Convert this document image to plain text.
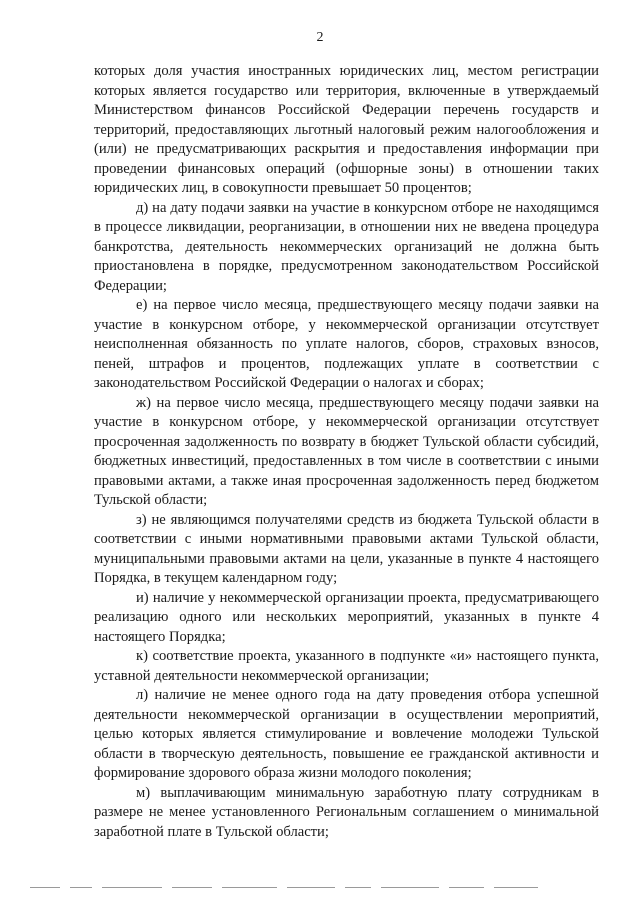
2

которых доля участия иностранных юридических лиц, местом регистрации которых является государство или территория, включенные в утверждаемый Министерством финансов Российской Федерации перечень государств и территорий, предоставляющих льготный налоговый режим налогообложения и (или) не предусматривающих раскрытия и предоставления информации при проведении финансовых операций (офшорные зоны) в отношении таких юридических лиц, в совокупности превышает 50 процентов;

д) на дату подачи заявки на участие в конкурсном отборе не находящимся в процессе ликвидации, реорганизации, в отношении них не введена процедура банкротства, деятельность некоммерческих организаций не должна быть приостановлена в порядке, предусмотренном законодательством Российской Федерации;

е) на первое число месяца, предшествующего месяцу подачи заявки на участие в конкурсном отборе, у некоммерческой организации отсутствует неисполненная обязанность по уплате налогов, сборов, страховых взносов, пеней, штрафов и процентов, подлежащих уплате в соответствии с законодательством Российской Федерации о налогах и сборах;

ж) на первое число месяца, предшествующего месяцу подачи заявки на участие в конкурсном отборе, у некоммерческой организации отсутствует просроченная задолженность по возврату в бюджет Тульской области субсидий, бюджетных инвестиций, предоставленных в том числе в соответствии с иными правовыми актами, а также иная просроченная задолженность перед бюджетом Тульской области;

з) не являющимся получателями средств из бюджета Тульской области в соответствии с иными нормативными правовыми актами Тульской области, муниципальными правовыми актами на цели, указанные в пункте 4 настоящего Порядка, в текущем календарном году;

и) наличие у некоммерческой организации проекта, предусматривающего реализацию одного или нескольких мероприятий, указанных в пункте 4 настоящего Порядка;

к) соответствие проекта, указанного в подпункте «и» настоящего пункта, уставной деятельности некоммерческой организации;

л) наличие не менее одного года на дату проведения отбора успешной деятельности некоммерческой организации в осуществлении мероприятий, целью которых является стимулирование и вовлечение молодежи Тульской области в творческую деятельность, повышение ее гражданской активности и формирование здорового образа жизни молодого поколения;

м) выплачивающим минимальную заработную плату сотрудникам в размере не менее установленного Региональным соглашением о минимальной заработной плате в Тульской области;
